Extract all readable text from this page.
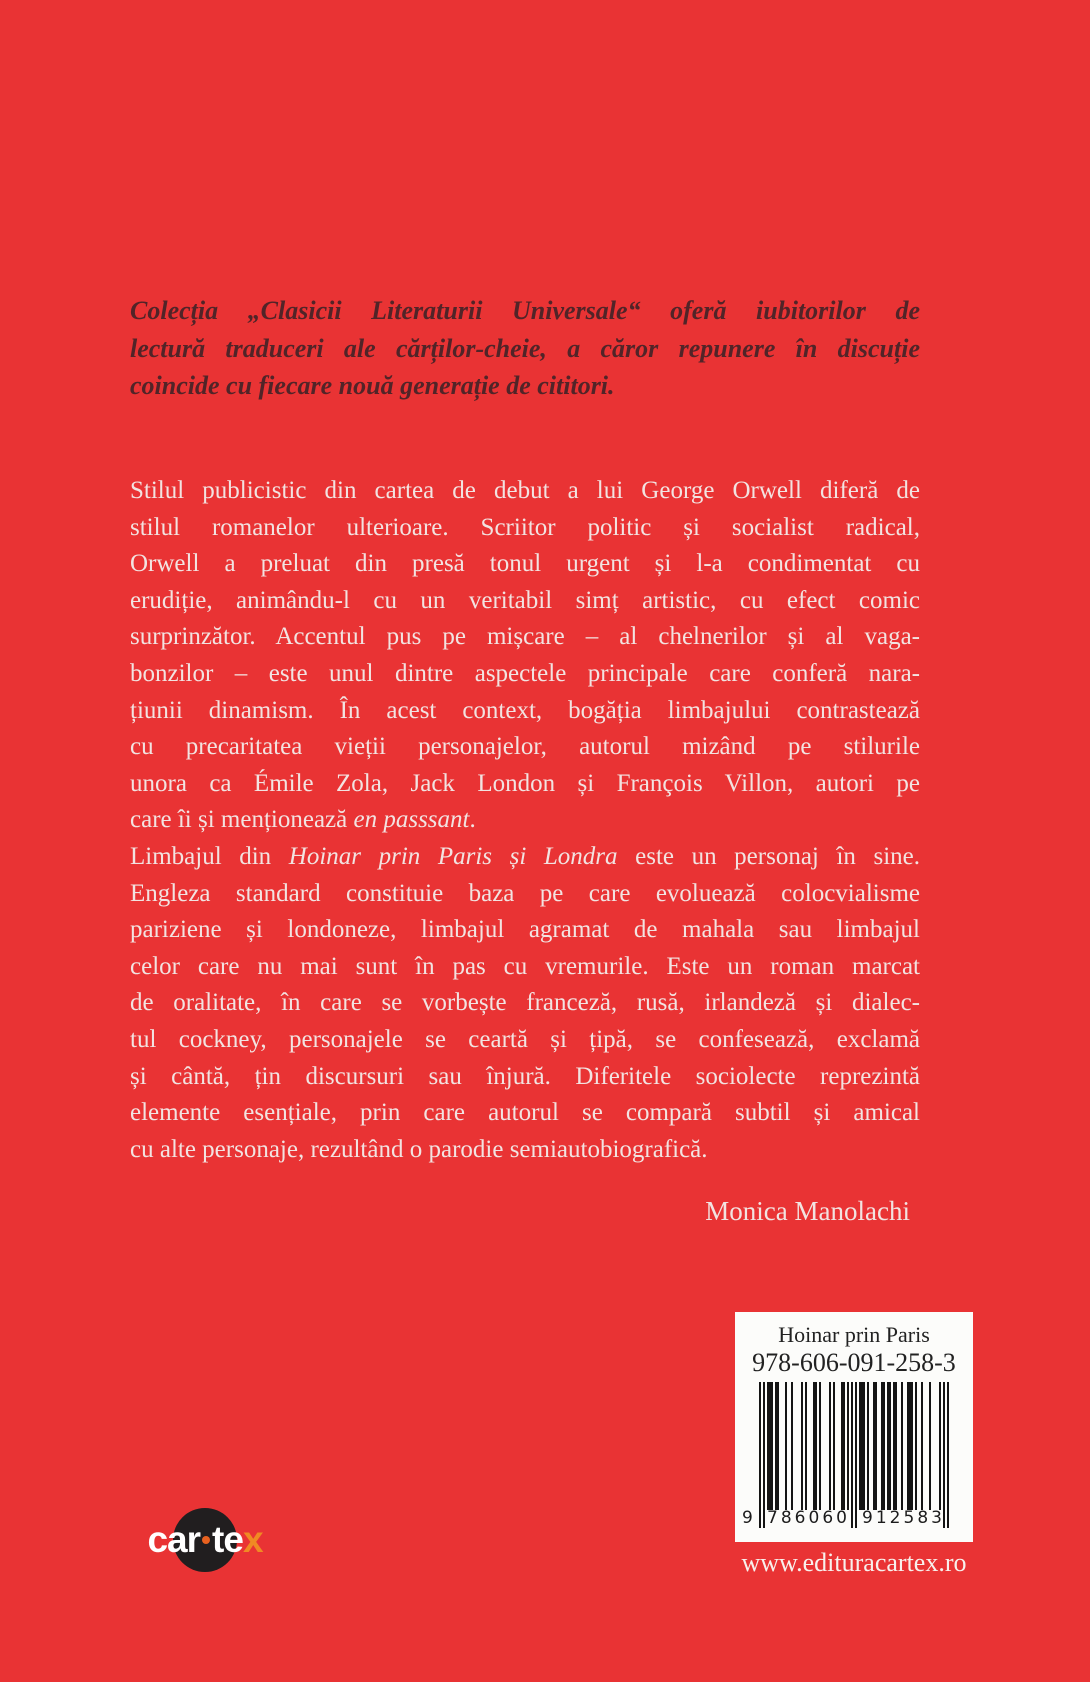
Colecția „Clasicii Literaturii Universale“ oferă iubitorilor de
lectură traduceri ale cărților-cheie, a căror repunere în discuție
coincide cu fiecare nouă generație de cititori.
Stilul publicistic din cartea de debut a lui George Orwell diferă de
stilul romanelor ulterioare. Scriitor politic și socialist radical,
Orwell a preluat din presă tonul urgent și l-a condimentat cu
erudiție, animându-l cu un veritabil simț artistic, cu efect comic
surprinzător. Accentul pus pe mișcare – al chelnerilor și al vaga-
bonzilor – este unul dintre aspectele principale care conferă nara-
țiunii dinamism. În acest context, bogăția limbajului contrastează
cu precaritatea vieții personajelor, autorul mizând pe stilurile
unora ca Émile Zola, Jack London și François Villon, autori pe
care îi și menționează en passsant.
Limbajul din Hoinar prin Paris și Londra este un personaj în sine.
Engleza standard constituie baza pe care evoluează colocvialisme
pariziene și londoneze, limbajul agramat de mahala sau limbajul
celor care nu mai sunt în pas cu vremurile. Este un roman marcat
de oralitate, în care se vorbește franceză, rusă, irlandeză și dialec-
tul cockney, personajele se ceartă și țipă, se confesează, exclamă
și cântă, țin discursuri sau înjură. Diferitele sociolecte reprezintă
elemente esențiale, prin care autorul se compară subtil și amical
cu alte personaje, rezultând o parodie semiautobiografică.
Monica Manolachi
Hoinar prin Paris
978-606-091-258-3
9 7 8 6 0 6 0 9 1 2 5 8 3
www.edituracartex.ro
car tex
